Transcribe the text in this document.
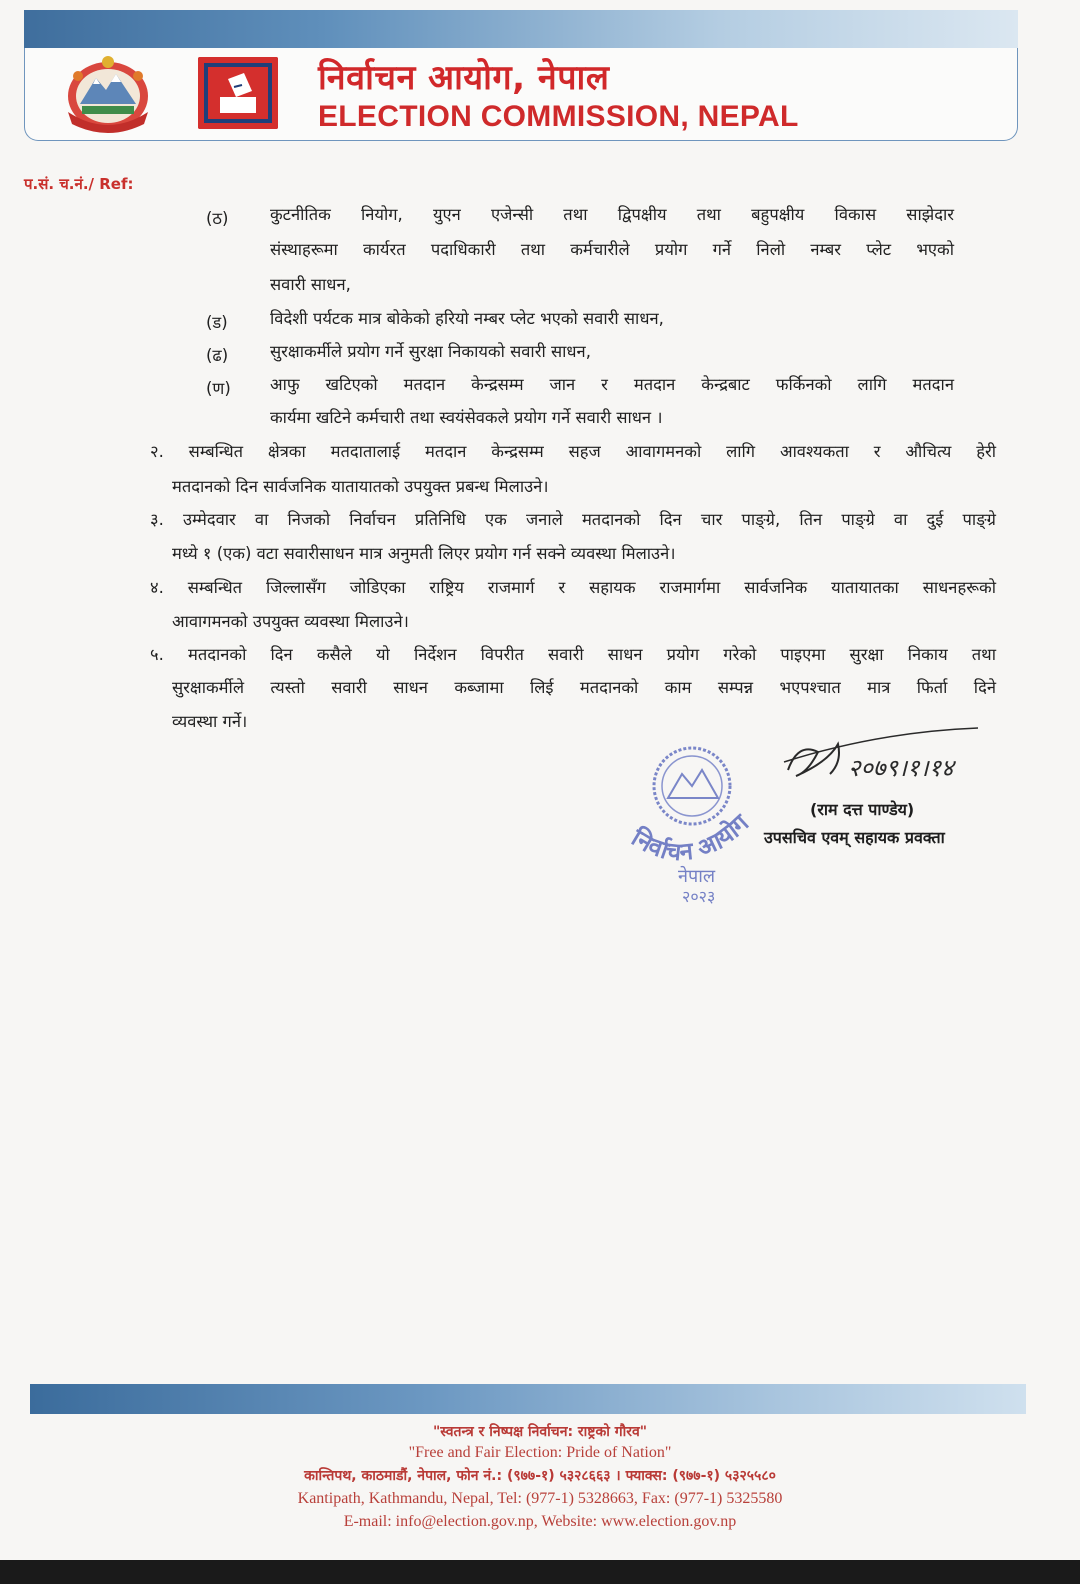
निर्वाचन आयोग, नेपाल
ELECTION COMMISSION, NEPAL
प.सं. च.नं./ Ref:
(ठ)	कुटनीतिक नियोग, युएन एजेन्सी तथा द्विपक्षीय तथा बहुपक्षीय विकास साझेदार
संस्थाहरूमा कार्यरत पदाधिकारी तथा कर्मचारीले प्रयोग गर्ने निलो नम्बर प्लेट भएको
सवारी साधन,
(ड)	विदेशी पर्यटक मात्र बोकेको हरियो नम्बर प्लेट भएको सवारी साधन,
(ढ)	सुरक्षाकर्मीले प्रयोग गर्ने सुरक्षा निकायको सवारी साधन,
(ण) आफु खटिएको मतदान केन्द्रसम्म जान र मतदान केन्द्रबाट फर्किनको लागि मतदान
कार्यमा खटिने कर्मचारी तथा स्वयंसेवकले प्रयोग गर्ने सवारी साधन ।
२. सम्बन्धित क्षेत्रका मतदातालाई मतदान केन्द्रसम्म सहज आवागमनको लागि आवश्यकता र औचित्य हेरी
मतदानको दिन सार्वजनिक यातायातको उपयुक्त प्रबन्ध मिलाउने।
३. उम्मेदवार वा निजको निर्वाचन प्रतिनिधि एक जनाले मतदानको दिन चार पाङ्ग्रे, तिन पाङ्ग्रे वा दुई पाङ्ग्रे
मध्ये १ (एक) वटा सवारीसाधन मात्र अनुमती लिएर प्रयोग गर्न सक्ने व्यवस्था मिलाउने।
४. सम्बन्धित जिल्लासँग जोडिएका राष्ट्रिय राजमार्ग र सहायक राजमार्गमा सार्वजनिक यातायातका साधनहरूको
आवागमनको उपयुक्त व्यवस्था मिलाउने।
५. मतदानको दिन कसैले यो निर्देशन विपरीत सवारी साधन प्रयोग गरेको पाइएमा सुरक्षा निकाय तथा
सुरक्षाकर्मीले त्यस्तो सवारी साधन कब्जामा लिई मतदानको काम सम्पन्न भएपश्चात मात्र फिर्ता दिने
व्यवस्था गर्ने।
निर्वाचन आयोग
नेपाल
२०२३
२०७९।१।१४
(राम दत्त पाण्डेय)
उपसचिव एवम् सहायक प्रवक्ता
"स्वतन्त्र र निष्पक्ष निर्वाचन: राष्ट्रको गौरव"
"Free and Fair Election: Pride of Nation"
कान्तिपथ, काठमाडौं, नेपाल, फोन नं.: (९७७-१) ५३२८६६३ । फ्याक्स: (९७७-१) ५३२५५८०
Kantipath, Kathmandu, Nepal, Tel: (977-1) 5328663, Fax: (977-1) 5325580
E-mail: info@election.gov.np, Website: www.election.gov.np
